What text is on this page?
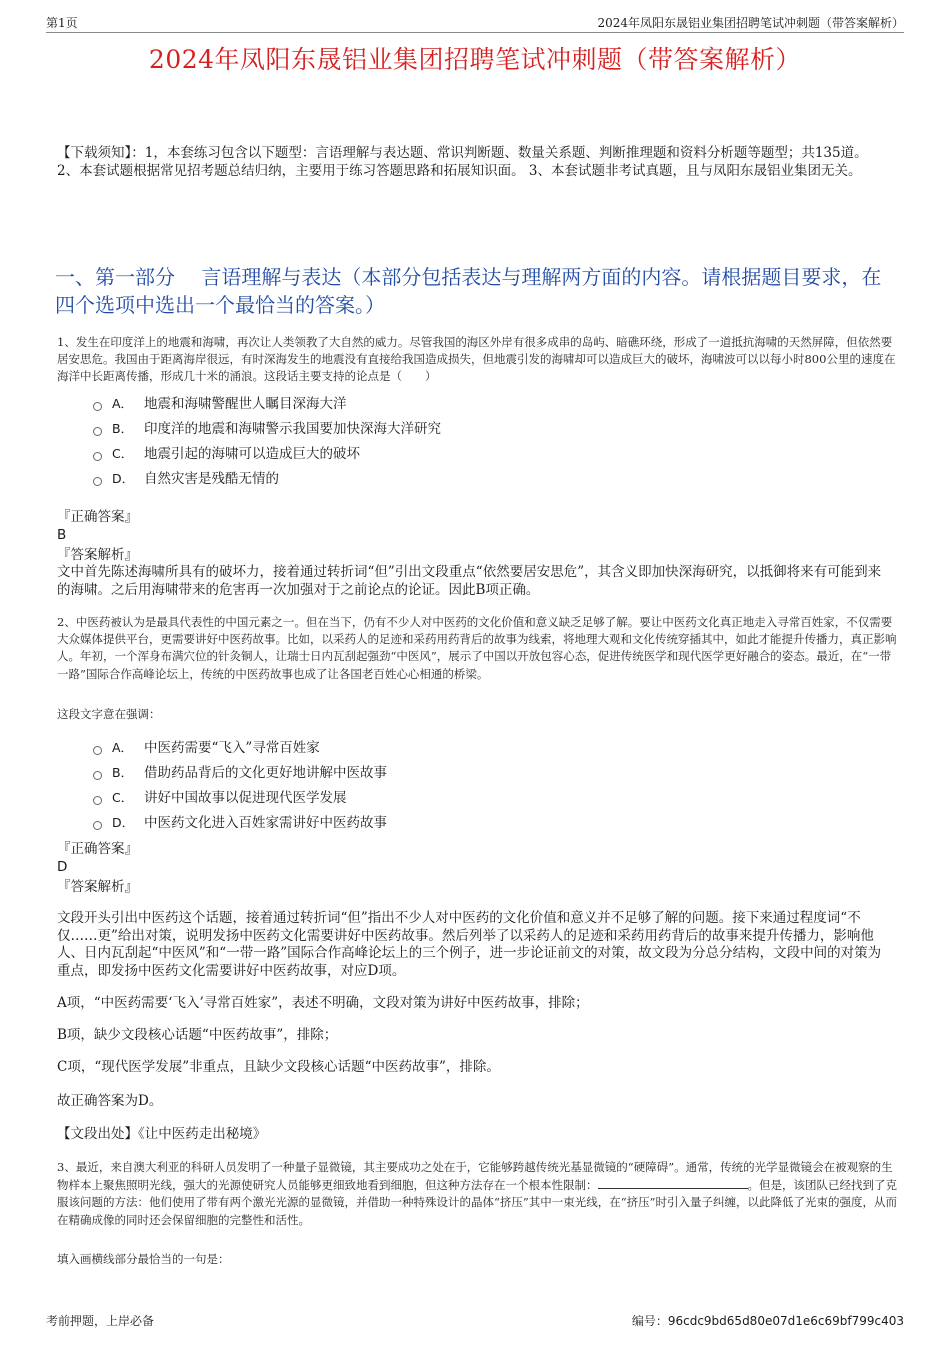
第1页	2024年凤阳东晟铝业集团招聘笔试冲刺题（带答案解析）
2024年凤阳东晟铝业集团招聘笔试冲刺题（带答案解析）
【下载须知】：1，本套练习包含以下题型：言语理解与表达题、常识判断题、数量关系题、判断推理题和资料分析题等题型；共135道。 2、本套试题根据常见招考题总结归纳，主要用于练习答题思路和拓展知识面。 3、本套试题非考试真题，且与凤阳东晟铝业集团无关。
一、第一部分　 言语理解与表达（本部分包括表达与理解两方面的内容。请根据题目要求，在四个选项中选出一个最恰当的答案。）
1、发生在印度洋上的地震和海啸，再次让人类领教了大自然的威力。尽管我国的海区外岸有很多成串的岛屿、暗礁环绕，形成了一道抵抗海啸的天然屏障，但依然要居安思危。我国由于距离海岸很远，有时深海发生的地震没有直接给我国造成损失，但地震引发的海啸却可以造成巨大的破坏，海啸波可以以每小时800公里的速度在海洋中长距离传播，形成几十米的涌浪。这段话主要支持的论点是（　　）
A． 地震和海啸警醒世人瞩目深海大洋
B． 印度洋的地震和海啸警示我国要加快深海大洋研究
C． 地震引起的海啸可以造成巨大的破坏
D． 自然灾害是残酷无情的
『正确答案』
B
『答案解析』
文中首先陈述海啸所具有的破坏力，接着通过转折词“但”引出文段重点“依然要居安思危”，其含义即加快深海研究，以抵御将来有可能到来的海啸。之后用海啸带来的危害再一次加强对于之前论点的论证。因此B项正确。
2、中医药被认为是最具代表性的中国元素之一。但在当下，仍有不少人对中医药的文化价值和意义缺乏足够了解。要让中医药文化真正地走入寻常百姓家，不仅需要大众媒体提供平台，更需要讲好中医药故事。比如，以采药人的足迹和采药用药背后的故事为线索，将地理大观和文化传统穿插其中，如此才能提升传播力，真正影响人。年初，一个浑身布满穴位的针灸铜人，让瑞士日内瓦刮起强劲“中医风”，展示了中国以开放包容心态，促进传统医学和现代医学更好融合的姿态。最近，在“一带一路”国际合作高峰论坛上，传统的中医药故事也成了让各国老百姓心心相通的桥梁。
这段文字意在强调：
A． 中医药需要“飞入”寻常百姓家
B． 借助药品背后的文化更好地讲解中医故事
C． 讲好中国故事以促进现代医学发展
D． 中医药文化进入百姓家需讲好中医药故事
『正确答案』
D
『答案解析』
文段开头引出中医药这个话题，接着通过转折词“但”指出不少人对中医药的文化价值和意义并不足够了解的问题。接下来通过程度词“不仅……更”给出对策，说明发扬中医药文化需要讲好中医药故事。然后列举了以采药人的足迹和采药用药背后的故事来提升传播力，影响他人、日内瓦刮起“中医风”和“一带一路”国际合作高峰论坛上的三个例子，进一步论证前文的对策，故文段为分总分结构，文段中间的对策为重点，即发扬中医药文化需要讲好中医药故事，对应D项。
A项，“中医药需要‘飞入’寻常百姓家”，表述不明确，文段对策为讲好中医药故事，排除；
B项，缺少文段核心话题“中医药故事”，排除；
C项，“现代医学发展”非重点，且缺少文段核心话题“中医药故事”，排除。
故正确答案为D。
【文段出处】《让中医药走出秘境》
3、最近，来自澳大利亚的科研人员发明了一种量子显微镜，其主要成功之处在于，它能够跨越传统光基显微镜的“硬障碍”。通常，传统的光学显微镜会在被观察的生物样本上聚焦照明光线，强大的光源使研究人员能够更细致地看到细胞，但这种方法存在一个根本性限制：	。但是，该团队已经找到了克服该问题的方法：他们使用了带有两个激光光源的显微镜，并借助一种特殊设计的晶体“挤压”其中一束光线，在“挤压”时引入量子纠缠，以此降低了光束的强度，从而在精确成像的同时还会保留细胞的完整性和活性。
填入画横线部分最恰当的一句是：
考前押题，上岸必备	编号：96cdc9bd65d80e07d1e6c69bf799c403
